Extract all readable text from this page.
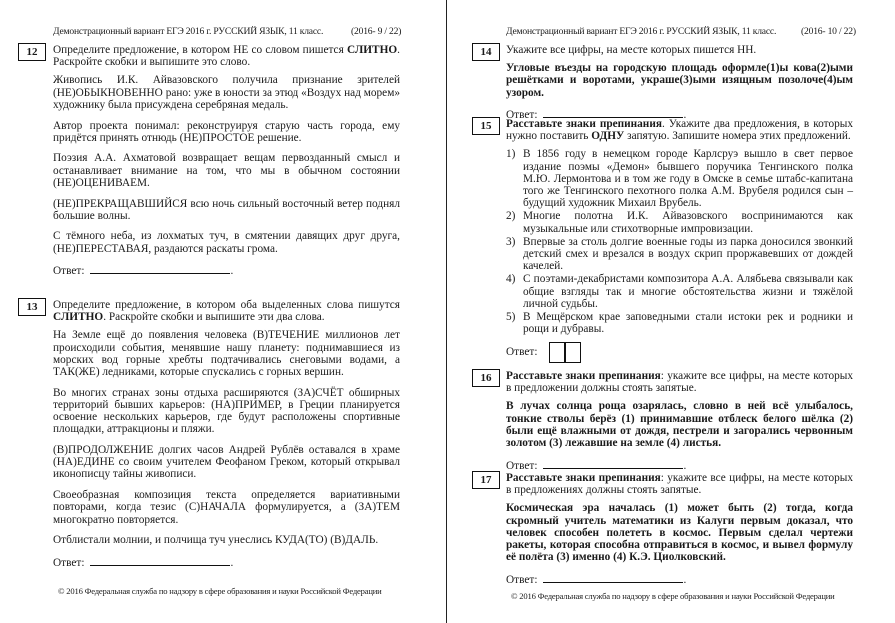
Демонстрационный вариант ЕГЭ 2016 г. РУССКИЙ ЯЗЫК, 11 класс.	(2016- 9 / 22)
12	Определите предложение, в котором НЕ со словом пишется СЛИТНО. Раскройте скобки и выпишите это слово.

Живопись И.К. Айвазовского получила признание зрителей (НЕ)ОБЫКНОВЕННО рано: уже в юности за этюд «Воздух над морем» художнику была присуждена серебряная медаль.

Автор проекта понимал: реконструируя старую часть города, ему придётся принять отнюдь (НЕ)ПРОСТОЕ решение.

Поэзия А.А. Ахматовой возвращает вещам первозданный смысл и останавливает внимание на том, что мы в обычном состоянии (НЕ)ОЦЕНИВАЕМ.

(НЕ)ПРЕКРАЩАВШИЙСЯ всю ночь сильный восточный ветер поднял большие волны.

С тёмного неба, из лохматых туч, в смятении давящих друг друга, (НЕ)ПЕРЕСТАВАЯ, раздаются раскаты грома.

Ответ:	.

13	Определите предложение, в котором оба выделенных слова пишутся СЛИТНО. Раскройте скобки и выпишите эти два слова.

На Земле ещё до появления человека (В)ТЕЧЕНИЕ миллионов лет происходили события, менявшие нашу планету: поднимавшиеся из морских вод горные хребты подтачивались снеговыми водами, а ТАК(ЖЕ) ледниками, которые спускались с горных вершин.

Во многих странах зоны отдыха расширяются (ЗА)СЧЁТ обширных территорий бывших карьеров: (НА)ПРИМЕР, в Греции планируется освоение нескольких карьеров, где будут расположены спортивные площадки, аттракционы и пляжи.

(В)ПРОДОЛЖЕНИЕ долгих часов Андрей Рублёв оставался в храме (НА)ЕДИНЕ со своим учителем Феофаном Греком, который открывал иконописцу тайны живописи.

Своеобразная композиция текста определяется вариативными повторами, когда тезис (С)НАЧАЛА формулируется, а (ЗА)ТЕМ многократно повторяется.

Отблистали молнии, и полчища туч унеслись КУДА(ТО) (В)ДАЛЬ.

Ответ:	.

© 2016 Федеральная служба по надзору в сфере образования и науки Российской Федерации
Демонстрационный вариант ЕГЭ 2016 г. РУССКИЙ ЯЗЫК, 11 класс.	(2016- 10 / 22)
14	Укажите все цифры, на месте которых пишется НН.

Угловые въезды на городскую площадь оформле(1)ы кова(2)ыми решётками и воротами, украше(3)ыми изящным позолоче(4)ым узором.

Ответ:	.

15	Расставьте знаки препинания. Укажите два предложения, в которых нужно поставить ОДНУ запятую. Запишите номера этих предложений.

1) В 1856 году в немецком городе Карлсруэ вышло в свет первое издание поэмы «Демон» бывшего поручика Тенгинского полка М.Ю. Лермонтова и в том же году в Омске в семье штабс-капитана того же Тенгинского пехотного полка А.М. Врубеля родился сын – будущий художник Михаил Врубель.
2) Многие полотна И.К. Айвазовского воспринимаются как музыкальные или стихотворные импровизации.
3) Впервые за столь долгие военные годы из парка доносился звонкий детский смех и врезался в воздух скрип проржавевших от дождей качелей.
4) С поэтами-декабристами композитора А.А. Алябьева связывали как общие взгляды так и многие обстоятельства жизни и тяжёлой личной судьбы.
5) В Мещёрском крае заповедными стали истоки рек и родники и рощи и дубравы.

Ответ:

16	Расставьте знаки препинания: укажите все цифры, на месте которых в предложении должны стоять запятые.

В лучах солнца роща озарялась, словно в ней всё улыбалось, тонкие стволы берёз (1) принимавшие отблеск белого шёлка (2) были ещё влажными от дождя, пестрели и загорались червонным золотом (3) лежавшие на земле (4) листья.

Ответ:	.

17	Расставьте знаки препинания: укажите все цифры, на месте которых в предложениях должны стоять запятые.

Космическая эра началась (1) может быть (2) тогда, когда скромный учитель математики из Калуги первым доказал, что человек способен полететь в космос. Первым сделал чертежи ракеты, которая способна отправиться в космос, и вывел формулу её полёта (3) именно (4) К.Э. Циолковский.

Ответ:	.

© 2016 Федеральная служба по надзору в сфере образования и науки Российской Федерации
